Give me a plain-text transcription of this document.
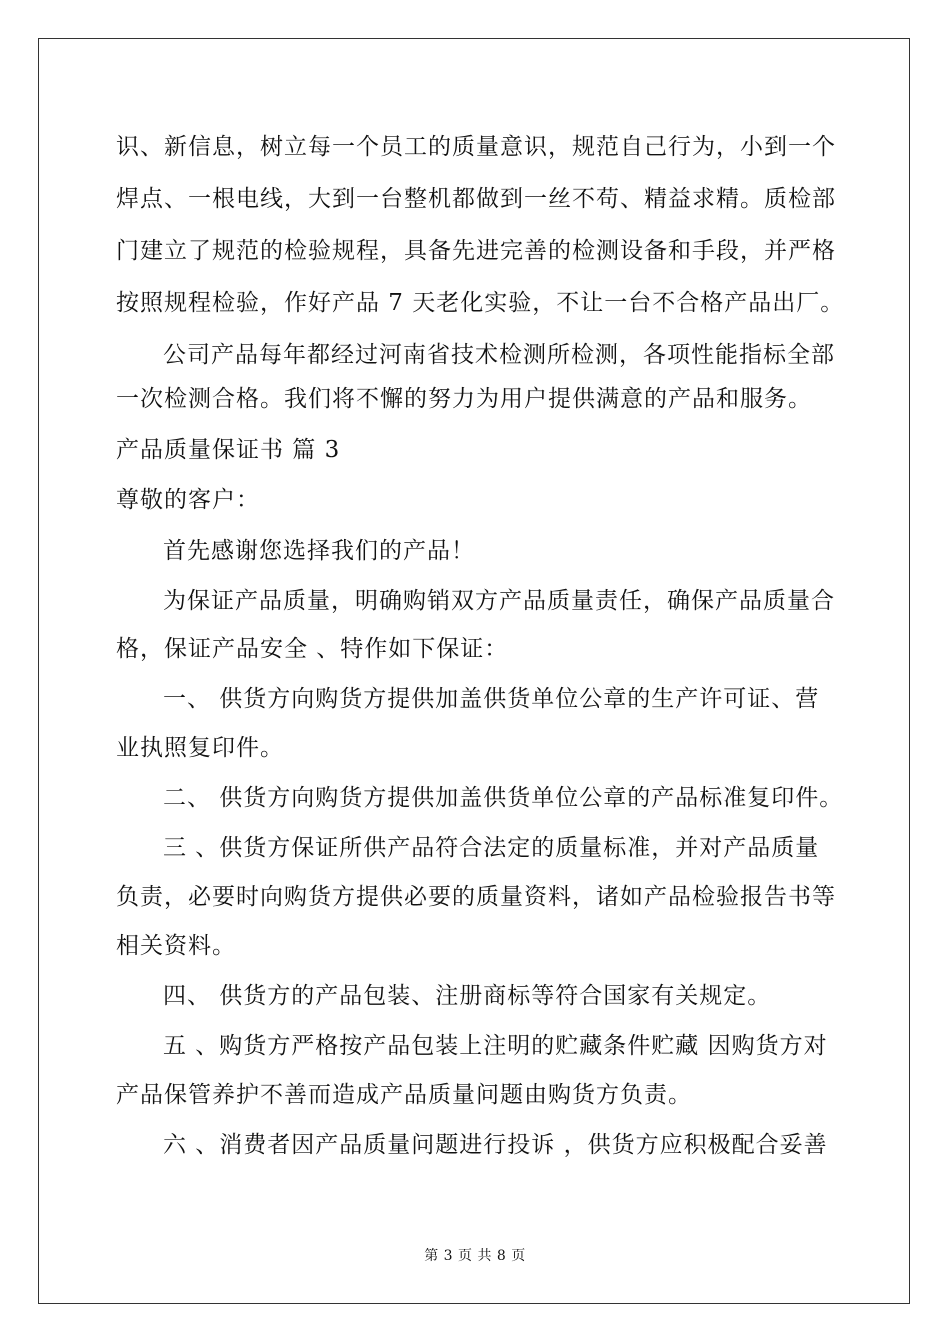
识、新信息，树立每一个员工的质量意识，规范自己行为，小到一个
焊点、一根电线，大到一台整机都做到一丝不苟、精益求精。质检部
门建立了规范的检验规程，具备先进完善的检测设备和手段，并严格
按照规程检验，作好产品 7 天老化实验，不让一台不合格产品出厂。
公司产品每年都经过河南省技术检测所检测，各项性能指标全部
一次检测合格。我们将不懈的努力为用户提供满意的产品和服务。
产品质量保证书 篇 3
尊敬的客户：
首先感谢您选择我们的产品！
为保证产品质量，明确购销双方产品质量责任，确保产品质量合
格，保证产品安全 、特作如下保证：
一、 供货方向购货方提供加盖供货单位公章的生产许可证、营
业执照复印件。
二、 供货方向购货方提供加盖供货单位公章的产品标准复印件。
三 、供货方保证所供产品符合法定的质量标准，并对产品质量
负责，必要时向购货方提供必要的质量资料，诸如产品检验报告书等
相关资料。
四、 供货方的产品包装、注册商标等符合国家有关规定。
五 、购货方严格按产品包装上注明的贮藏条件贮藏 因购货方对
产品保管养护不善而造成产品质量问题由购货方负责。
六 、消费者因产品质量问题进行投诉 ，供货方应积极配合妥善
第 3 页 共 8 页
